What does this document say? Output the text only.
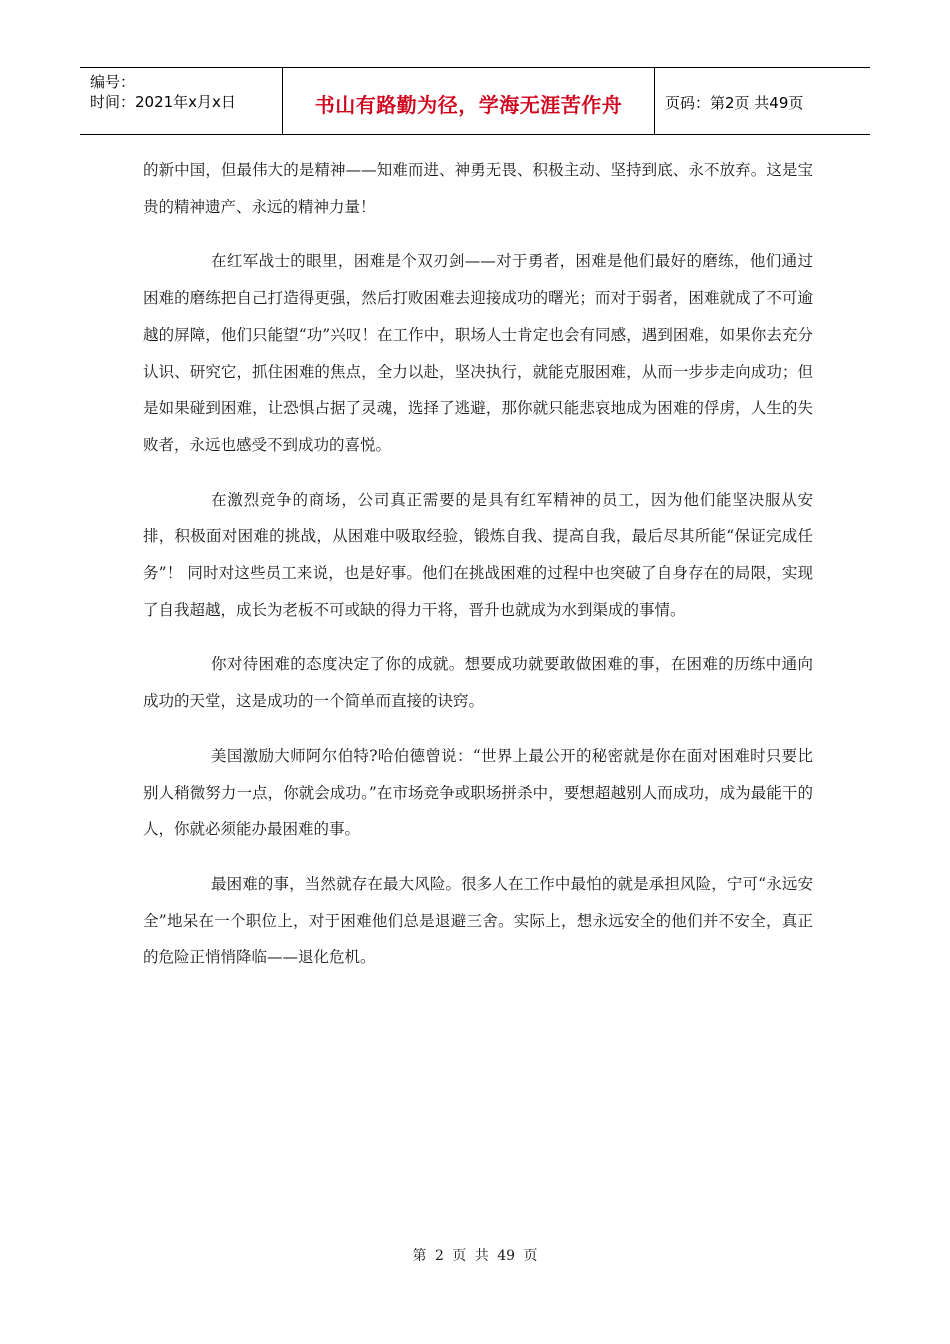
编号：
时间：2021年x月x日	书山有路勤为径，学海无涯苦作舟	页码：第2页 共49页

的新中国，但最伟大的是精神——知难而进、神勇无畏、积极主动、坚持到底、永不放弃。这是宝贵的精神遗产、永远的精神力量！

在红军战士的眼里，困难是个双刃剑——对于勇者，困难是他们最好的磨练，他们通过困难的磨练把自己打造得更强，然后打败困难去迎接成功的曙光；而对于弱者，困难就成了不可逾越的屏障，他们只能望“功”兴叹！在工作中，职场人士肯定也会有同感，遇到困难，如果你去充分认识、研究它，抓住困难的焦点，全力以赴，坚决执行，就能克服困难，从而一步步走向成功；但是如果碰到困难，让恐惧占据了灵魂，选择了逃避，那你就只能悲哀地成为困难的俘虏，人生的失败者，永远也感受不到成功的喜悦。

在激烈竞争的商场，公司真正需要的是具有红军精神的员工，因为他们能坚决服从安排，积极面对困难的挑战，从困难中吸取经验，锻炼自我、提高自我，最后尽其所能“保证完成任务”！ 同时对这些员工来说，也是好事。他们在挑战困难的过程中也突破了自身存在的局限，实现了自我超越，成长为老板不可或缺的得力干将，晋升也就成为水到渠成的事情。

你对待困难的态度决定了你的成就。想要成功就要敢做困难的事，在困难的历练中通向成功的天堂，这是成功的一个简单而直接的诀窍。

美国激励大师阿尔伯特?哈伯德曾说：“世界上最公开的秘密就是你在面对困难时只要比别人稍微努力一点，你就会成功。”在市场竞争或职场拼杀中，要想超越别人而成功，成为最能干的人，你就必须能办最困难的事。

最困难的事，当然就存在最大风险。很多人在工作中最怕的就是承担风险，宁可“永远安全”地呆在一个职位上，对于困难他们总是退避三舍。实际上，想永远安全的他们并不安全，真正的危险正悄悄降临——退化危机。

第 2 页 共 49 页
